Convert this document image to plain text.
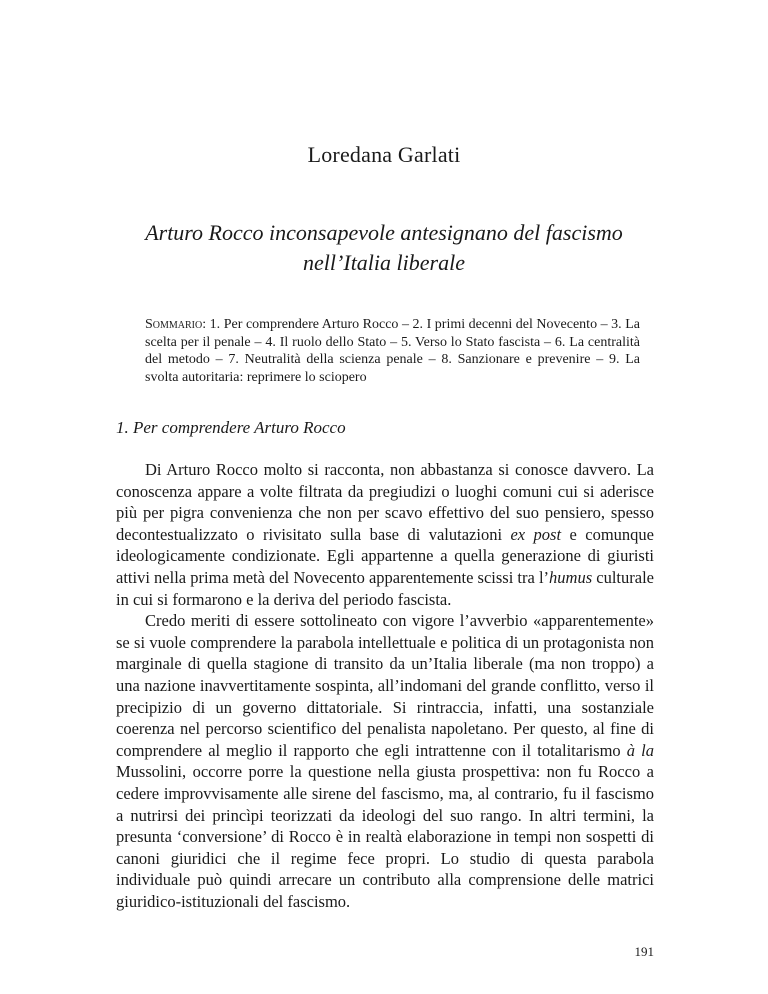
Loredana Garlati
Arturo Rocco inconsapevole antesignano del fascismo
nell’Italia liberale
Sommario: 1. Per comprendere Arturo Rocco – 2. I primi decenni del Novecento – 3. La scelta per il penale – 4. Il ruolo dello Stato – 5. Verso lo Stato fascista – 6. La centralità del metodo – 7. Neutralità della scienza penale – 8. Sanzionare e prevenire – 9. La svolta autoritaria: reprimere lo sciopero
1. Per comprendere Arturo Rocco

Di Arturo Rocco molto si racconta, non abbastanza si conosce davvero. La conoscenza appare a volte filtrata da pregiudizi o luoghi comuni cui si aderisce più per pigra convenienza che non per scavo effettivo del suo pensiero, spesso decontestualizzato o rivisitato sulla base di valutazioni ex post e comunque ideologicamente condizionate. Egli appartenne a quella generazione di giuristi attivi nella prima metà del Novecento apparentemente scissi tra l’humus culturale in cui si formarono e la deriva del periodo fascista.

Credo meriti di essere sottolineato con vigore l’avverbio «apparentemente» se si vuole comprendere la parabola intellettuale e politica di un protagonista non marginale di quella stagione di transito da un’Italia liberale (ma non troppo) a una nazione inavvertitamente sospinta, all’indomani del grande conflitto, verso il precipizio di un governo dittatoriale. Si rintraccia, infatti, una sostanziale coerenza nel percorso scientifico del penalista napoletano. Per questo, al fine di comprendere al meglio il rapporto che egli intrattenne con il totalitarismo à la Mussolini, occorre porre la questione nella giusta prospettiva: non fu Rocco a cedere improvvisamente alle sirene del fascismo, ma, al contrario, fu il fascismo a nutrirsi dei princìpi teorizzati da ideologi del suo rango. In altri termini, la presunta ‘conversione’ di Rocco è in realtà elaborazione in tempi non sospetti di canoni giuridici che il regime fece propri. Lo studio di questa parabola individuale può quindi arrecare un contributo alla comprensione delle matrici giuridico-istituzionali del fascismo.

191
